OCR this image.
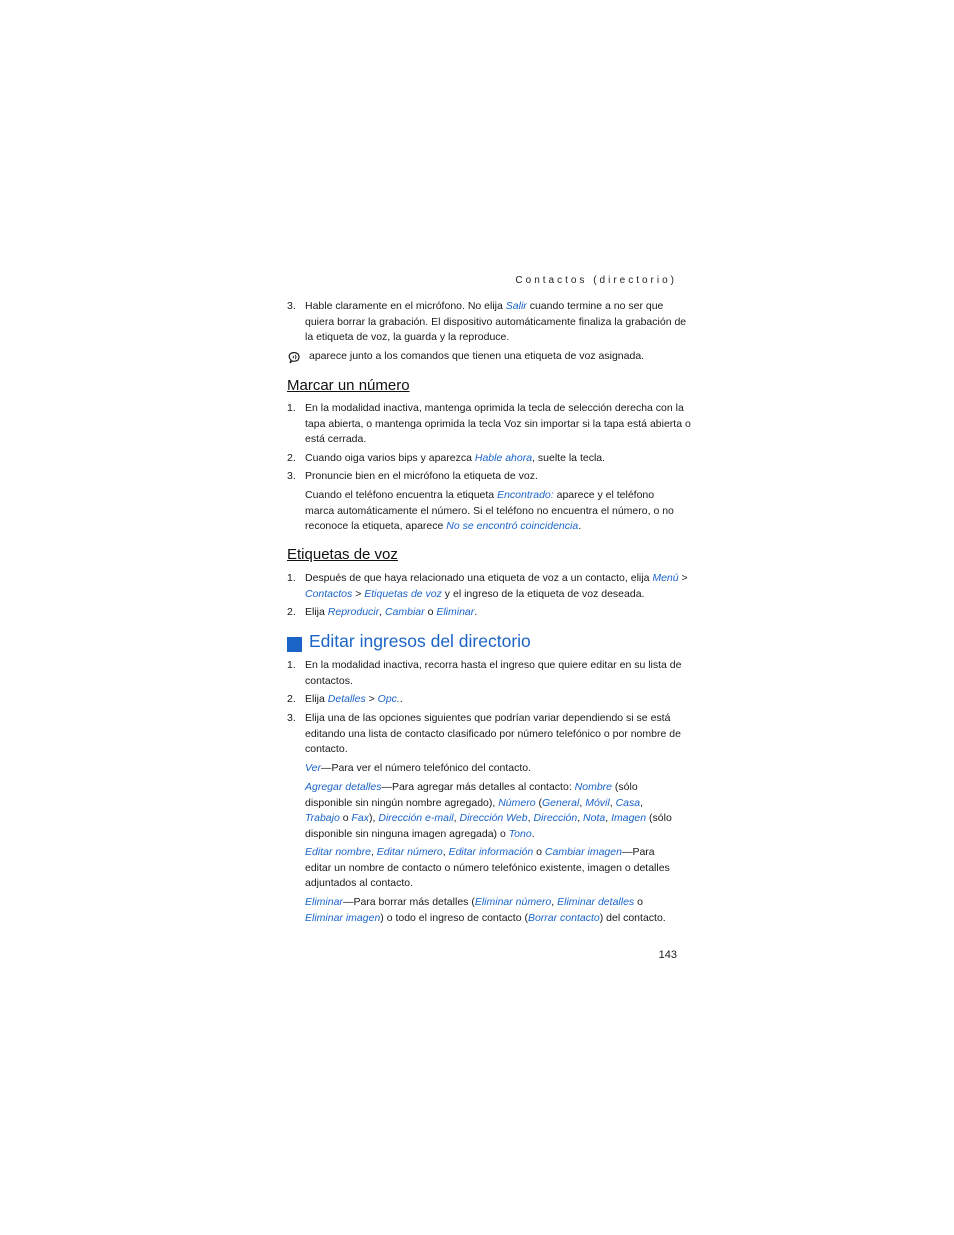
Contactos (directorio)
3. Hable claramente en el micrófono. No elija Salir cuando termine a no ser que quiera borrar la grabación. El dispositivo automáticamente finaliza la grabación de la etiqueta de voz, la guarda y la reproduce.
aparece junto a los comandos que tienen una etiqueta de voz asignada.
Marcar un número
1. En la modalidad inactiva, mantenga oprimida la tecla de selección derecha con la tapa abierta, o mantenga oprimida la tecla Voz sin importar si la tapa está abierta o está cerrada.
2. Cuando oiga varios bips y aparezca Hable ahora, suelte la tecla.
3. Pronuncie bien en el micrófono la etiqueta de voz.
Cuando el teléfono encuentra la etiqueta Encontrado: aparece y el teléfono marca automáticamente el número. Si el teléfono no encuentra el número, o no reconoce la etiqueta, aparece No se encontró coincidencia.
Etiquetas de voz
1. Después de que haya relacionado una etiqueta de voz a un contacto, elija Menú > Contactos > Etiquetas de voz y el ingreso de la etiqueta de voz deseada.
2. Elija Reproducir, Cambiar o Eliminar.
Editar ingresos del directorio
1. En la modalidad inactiva, recorra hasta el ingreso que quiere editar en su lista de contactos.
2. Elija Detalles > Opc..
3. Elija una de las opciones siguientes que podrían variar dependiendo si se está editando una lista de contacto clasificado por número telefónico o por nombre de contacto.
Ver—Para ver el número telefónico del contacto.
Agregar detalles—Para agregar más detalles al contacto: Nombre (sólo disponible sin ningún nombre agregado), Número (General, Móvil, Casa, Trabajo o Fax), Dirección e-mail, Dirección Web, Dirección, Nota, Imagen (sólo disponible sin ninguna imagen agregada) o Tono.
Editar nombre, Editar número, Editar información o Cambiar imagen—Para editar un nombre de contacto o número telefónico existente, imagen o detalles adjuntados al contacto.
Eliminar—Para borrar más detalles (Eliminar número, Eliminar detalles o Eliminar imagen) o todo el ingreso de contacto (Borrar contacto) del contacto.
143
